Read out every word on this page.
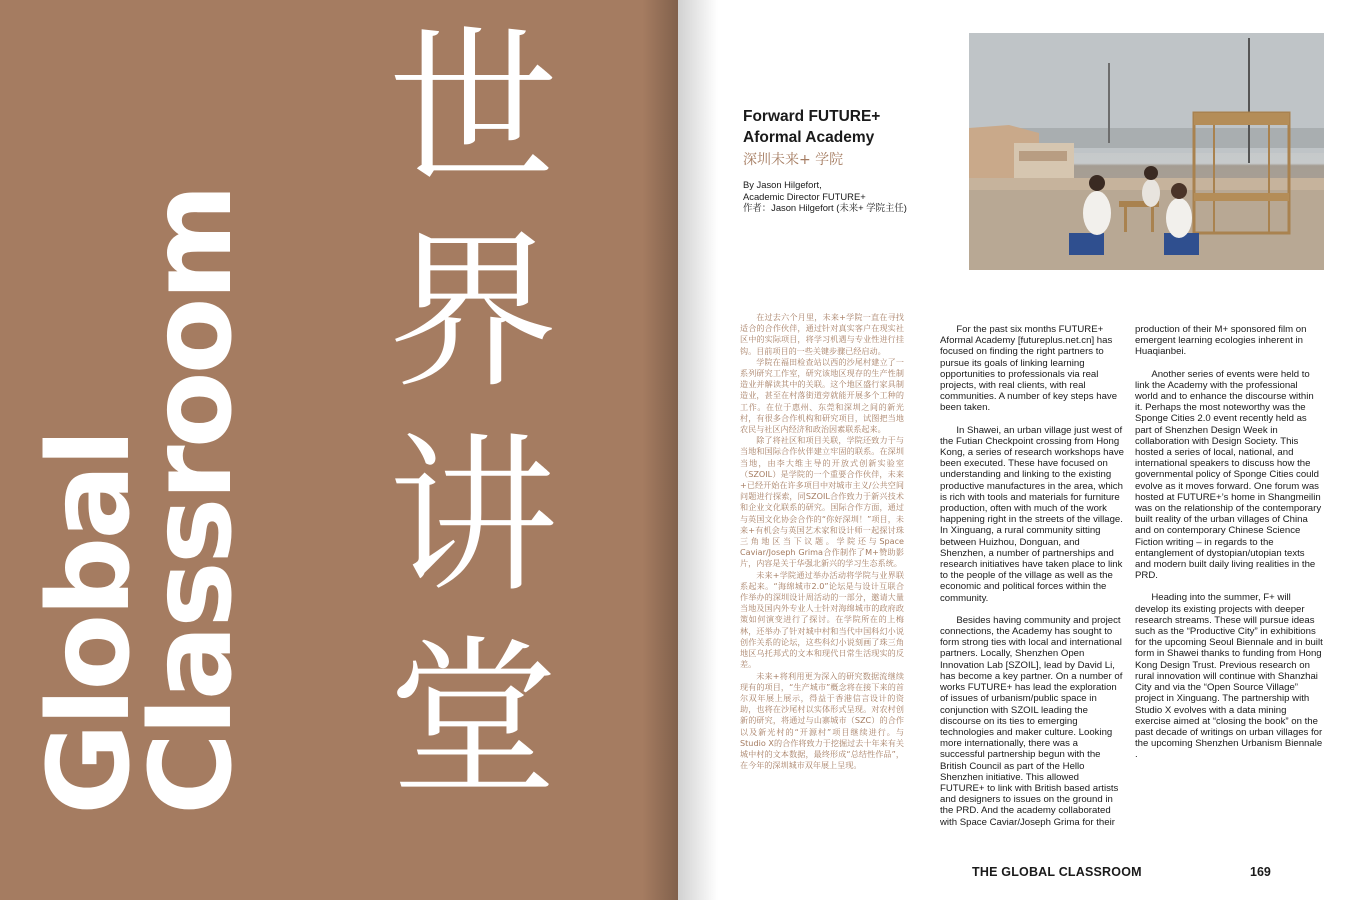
Global
Classroom
世
界
讲
堂
Forward FUTURE+
Aformal Academy
深圳未来+ 学院
By Jason Hilgefort,
Academic Director FUTURE+
作者：Jason Hilgefort (未来+ 学院主任)

在过去六个月里，未来+学院一直在寻找适合的合作伙伴，通过针对真实客户在现实社区中的实际项目，将学习机遇与专业性进行挂钩。目前项目的一些关键步骤已经启动。

学院在福田检查站以西的沙尾村建立了一系列研究工作室，研究该地区现存的生产性制造业并解读其中的关联。这个地区盛行家具制造业，甚至在村落街道旁就能开展多个工种的工作。在位于惠州、东莞和深圳之间的新光村，有很多合作机构和研究项目，试图把当地农民与社区内经济和政治因素联系起来。

除了将社区和项目关联，学院还致力于与当地和国际合作伙伴建立牢固的联系。在深圳当地，由李大维主导的开放式创新实验室（SZOIL）是学院的一个重要合作伙伴，未来+已经开始在许多项目中对城市主义/公共空间问题进行探索，同SZOIL合作致力于新兴技术和企业文化联系的研究。国际合作方面，通过与英国文化协会合作的“你好深圳！”项目，未来+有机会与英国艺术家和设计师一起探讨珠三角地区当下议题。学院还与Space Caviar/Joseph Grima合作制作了M+赞助影片，内容是关于华强北新兴的学习生态系统。

未来+学院通过举办活动将学院与业界联系起来。“海绵城市2.0”论坛是与设计互联合作举办的深圳设计周活动的一部分，邀请大量当地及国内外专业人士针对海绵城市的政府政策如何演变进行了探讨。在学院所在的上梅林，还举办了针对城中村和当代中国科幻小说创作关系的论坛，这些科幻小说刻画了珠三角地区乌托邦式的文本和现代日常生活现实的反差。

未来+将利用更为深入的研究数据流继续现有的项目，“生产城市”概念将在接下来的首尔双年展上展示，得益于香港信言设计的资助，也将在沙尾村以实体形式呈现。对农村创新的研究，将通过与山寨城市（SZC）的合作以及新光村的“开源村”项目继续进行。与Studio X的合作将致力于挖掘过去十年来有关城中村的文本数据，最终形成“总结性作品”，在今年的深圳城市双年展上呈现。

For the past six months FUTURE+ Aformal Academy [futureplus.net.cn] has focused on finding the right partners to pursue its goals of linking learning opportunities to professionals via real projects, with real clients, with real communities. A number of key steps have been taken.

In Shawei, an urban village just west of the Futian Checkpoint crossing from Hong Kong, a series of research workshops have been executed. These have focused on understanding and linking to the existing productive manufactures in the area, which is rich with tools and materials for furniture production, often with much of the work happening right in the streets of the village. In Xinguang, a rural community sitting between Huizhou, Donguan, and Shenzhen, a number of partnerships and research initiatives have taken place to link to the people of the village as well as the economic and political forces within the community.

Besides having community and project connections, the Academy has sought to form strong ties with local and international partners. Locally, Shenzhen Open Innovation Lab [SZOIL], lead by David Li, has become a key partner. On a number of works FUTURE+ has lead the exploration of issues of urbanism/public space in conjunction with SZOIL leading the discourse on its ties to emerging technologies and maker culture. Looking more internationally, there was a successful partnership begun with the British Council as part of the Hello Shenzhen initiative. This allowed FUTURE+ to link with British based artists and designers to issues on the ground in the PRD. And the academy collaborated with Space Caviar/Joseph Grima for their

production of their M+ sponsored film on emergent learning ecologies inherent in Huaqianbei.

Another series of events were held to link the Academy with the professional world and to enhance the discourse within it. Perhaps the most noteworthy was the Sponge Cities 2.0 event recently held as part of Shenzhen Design Week in collaboration with Design Society. This hosted a series of local, national, and international speakers to discuss how the governmental policy of Sponge Cities could evolve as it moves forward. One forum was hosted at FUTURE+’s home in Shangmeilin was on the relationship of the contemporary built reality of the urban villages of China and on contemporary Chinese Science Fiction writing – in regards to the entanglement of dystopian/utopian texts and modern built daily living realities in the PRD.

Heading into the summer, F+ will develop its existing projects with deeper research streams. These will pursue ideas such as the “Productive City” in exhibitions for the upcoming Seoul Biennale and in built form in Shawei thanks to funding from Hong Kong Design Trust. Previous research on rural innovation will continue with Shanzhai City and via the “Open Source Village” project in Xinguang. The partnership with Studio X evolves with a data mining exercise aimed at “closing the book” on the past decade of writings on urban villages for the upcoming Shenzhen Urbanism Biennale .

THE GLOBAL CLASSROOM	169
